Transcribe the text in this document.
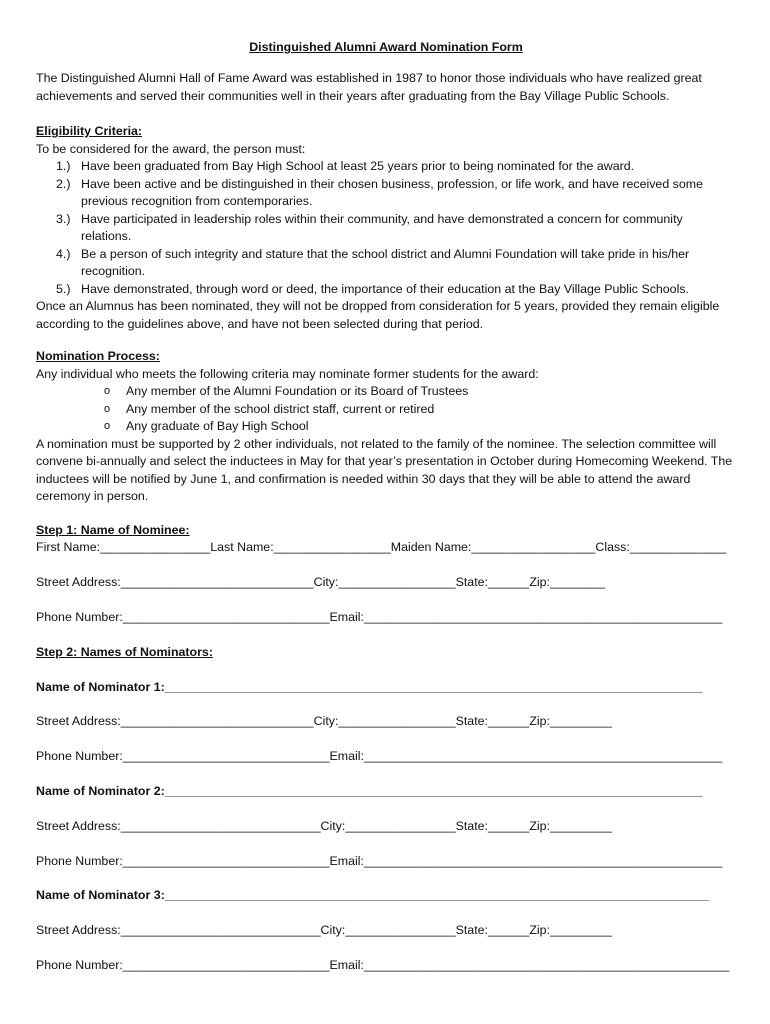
Distinguished Alumni Award Nomination Form

The Distinguished Alumni Hall of Fame Award was established in 1987 to honor those individuals who have realized great achievements and served their communities well in their years after graduating from the Bay Village Public Schools.

Eligibility Criteria:

To be considered for the award, the person must:

1.) Have been graduated from Bay High School at least 25 years prior to being nominated for the award.
2.) Have been active and be distinguished in their chosen business, profession, or life work, and have received some previous recognition from contemporaries.
3.) Have participated in leadership roles within their community, and have demonstrated a concern for community relations.
4.) Be a person of such integrity and stature that the school district and Alumni Foundation will take pride in his/her recognition.
5.) Have demonstrated, through word or deed, the importance of their education at the Bay Village Public Schools.

Once an Alumnus has been nominated, they will not be dropped from consideration for 5 years, provided they remain eligible according to the guidelines above, and have not been selected during that period.

Nomination Process:

Any individual who meets the following criteria may nominate former students for the award:

o Any member of the Alumni Foundation or its Board of Trustees
o Any member of the school district staff, current or retired
o Any graduate of Bay High School

A nomination must be supported by 2 other individuals, not related to the family of the nominee. The selection committee will convene bi-annually and select the inductees in May for that year’s presentation in October during Homecoming Weekend. The inductees will be notified by June 1, and confirmation is needed within 30 days that they will be able to attend the award ceremony in person.

Step 1: Name of Nominee:
First Name:________________Last Name:_________________Maiden Name:__________________Class:______________
Street Address:____________________________City:_________________State:______Zip:________
Phone Number:______________________________Email:____________________________________________________
Step 2: Names of Nominators:
Name of Nominator 1:______________________________________________________________________________
Street Address:____________________________City:_________________State:______Zip:_________
Phone Number:______________________________Email:____________________________________________________
Name of Nominator 2:______________________________________________________________________________
Street Address:_____________________________City:________________State:______Zip:_________
Phone Number:______________________________Email:____________________________________________________
Name of Nominator 3:_______________________________________________________________________________
Street Address:_____________________________City:________________State:______Zip:_________
Phone Number:______________________________Email:_____________________________________________________
